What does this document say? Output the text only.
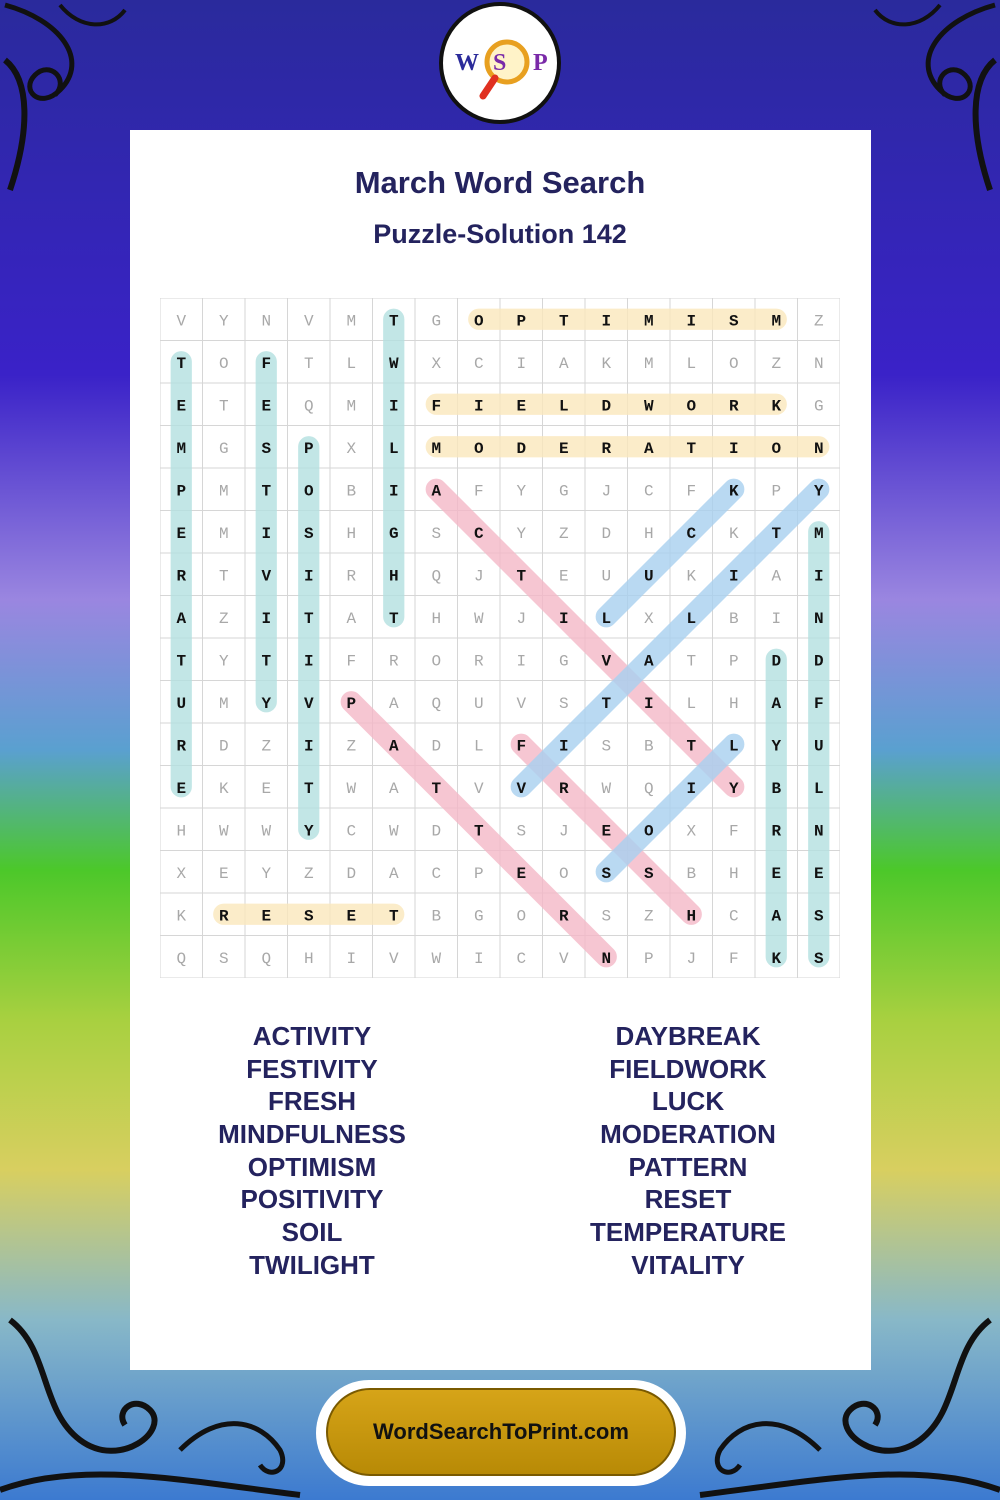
W S P
March Word Search
Puzzle-Solution 142
V Y N V M T G O P T I M I S M Z
T O F T L W X C I A K M L O Z N
E T E Q M I F I E L D W O R K G
M G S P X L M O D E R A T I O N
P M T O B I A F Y G J C F K P Y
E M I S H G S C Y Z D H C K T M
R T V I R H Q J T E U U K I A I
A Z I T A T H W J I L X L B I N
T Y T I F R O R I G V A T P D D
U M Y V P A Q U V S T I L H A F
R D Z I Z A D L F I S B T L Y U
E K E T W A T V V R W Q I Y B L
H W W Y C W D T S J E O X F R N
X E Y Z D A C P E O S S B H E E
K R E S E T B G O R S Z H C A S
Q S Q H I V W I C V N P J F K S
ACTIVITY
FESTIVITY
FRESH
MINDFULNESS
OPTIMISM
POSITIVITY
SOIL
TWILIGHT
DAYBREAK
FIELDWORK
LUCK
MODERATION
PATTERN
RESET
TEMPERATURE
VITALITY
WordSearchToPrint.com
